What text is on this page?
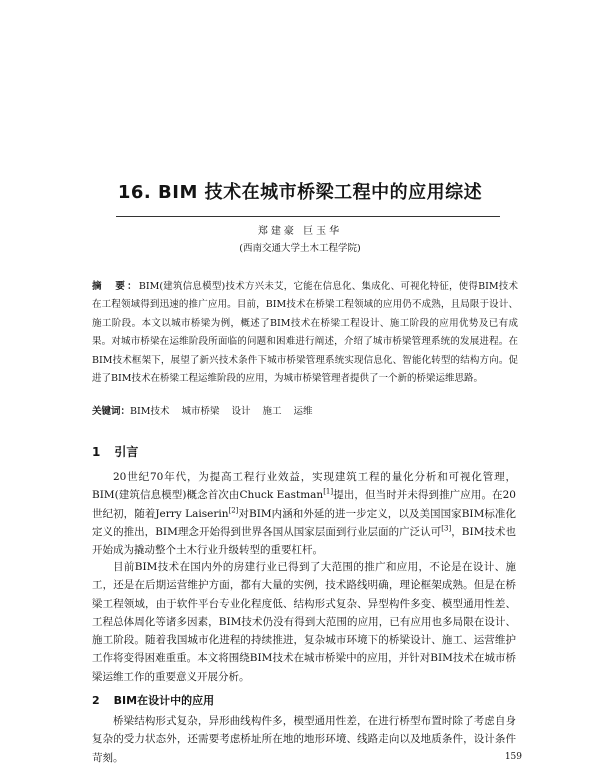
16. BIM 技术在城市桥梁工程中的应用综述
郑建豪 巨玉华
(西南交通大学土木工程学院)

摘　要：BIM(建筑信息模型)技术方兴未艾，它能在信息化、集成化、可视化特征，使得BIM技术在工程领域得到迅速的推广应用。目前，BIM技术在桥梁工程领域的应用仍不成熟，且局限于设计、施工阶段。本文以城市桥梁为例，概述了BIM技术在桥梁工程设计、施工阶段的应用优势及已有成果。对城市桥梁在运维阶段所面临的问题和困难进行阐述，介绍了城市桥梁管理系统的发展进程。在BIM技术框架下，展望了新兴技术条件下城市桥梁管理系统实现信息化、智能化转型的结构方向。促进了BIM技术在桥梁工程运维阶段的应用，为城市桥梁管理者提供了一个新的桥梁运维思路。

关键词：BIM技术 城市桥梁 设计 施工 运维

1 引言

20世纪70年代，为提高工程行业效益，实现建筑工程的量化分析和可视化管理，BIM(建筑信息模型)概念首次由Chuck Eastman[1]提出，但当时并未得到推广应用。在20世纪初，随着Jerry Laiserin[2]对BIM内涵和外延的进一步定义，以及美国国家BIM标准化定义的推出，BIM理念开始得到世界各国从国家层面到行业层面的广泛认可[3]，BIM技术也开始成为撬动整个土木行业升级转型的重要杠杆。

目前BIM技术在国内外的房建行业已得到了大范围的推广和应用，不论是在设计、施工，还是在后期运营维护方面，都有大量的实例，技术路线明确，理论框架成熟。但是在桥梁工程领域，由于软件平台专业化程度低、结构形式复杂、异型构件多变、模型通用性差、工程总体周化等诸多因素，BIM技术仍没有得到大范围的应用，已有应用也多局限在设计、施工阶段。随着我国城市化进程的持续推进，复杂城市环境下的桥梁设计、施工、运营维护工作将变得困难重重。本文将围绕BIM技术在城市桥梁中的应用，并针对BIM技术在城市桥梁运维工作的重要意义开展分析。

2 BIM在设计中的应用

桥梁结构形式复杂，异形曲线构件多，模型通用性差，在进行桥型布置时除了考虑自身复杂的受力状态外，还需要考虑桥址所在地的地形环境、线路走向以及地质条件，设计条件苛刻。	159
